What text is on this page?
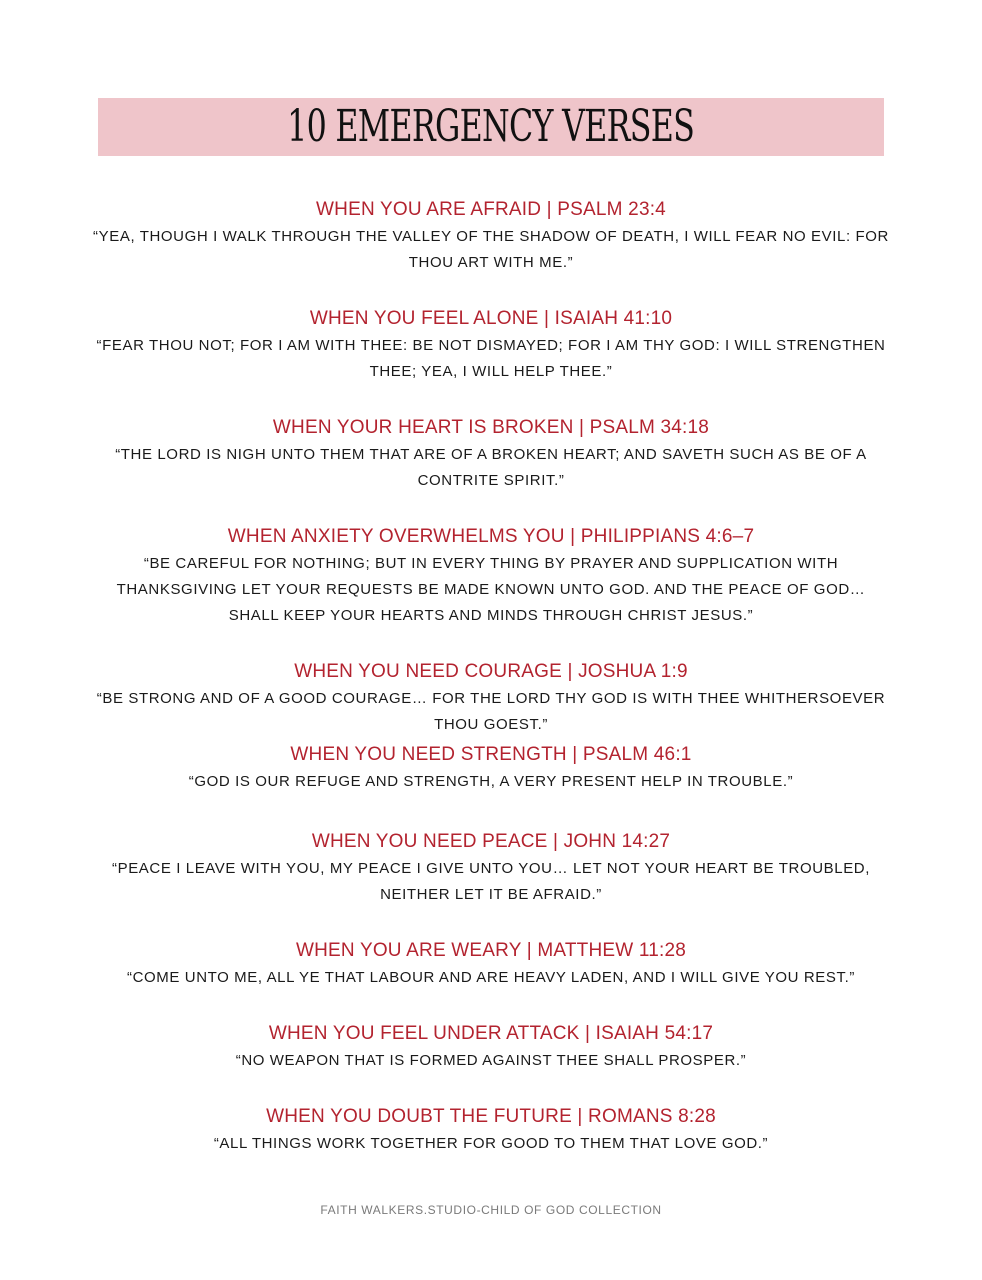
10 EMERGENCY VERSES

WHEN YOU ARE AFRAID | PSALM 23:4

“YEA, THOUGH I WALK THROUGH THE VALLEY OF THE SHADOW OF DEATH, I WILL FEAR NO EVIL: FOR THOU ART WITH ME.”

WHEN YOU FEEL ALONE | ISAIAH 41:10

“FEAR THOU NOT; FOR I AM WITH THEE: BE NOT DISMAYED; FOR I AM THY GOD: I WILL STRENGTHEN THEE; YEA, I WILL HELP THEE.”

WHEN YOUR HEART IS BROKEN | PSALM 34:18

“THE LORD IS NIGH UNTO THEM THAT ARE OF A BROKEN HEART; AND SAVETH SUCH AS BE OF A CONTRITE SPIRIT.”

WHEN ANXIETY OVERWHELMS YOU | PHILIPPIANS 4:6–7

“BE CAREFUL FOR NOTHING; BUT IN EVERY THING BY PRAYER AND SUPPLICATION WITH THANKSGIVING LET YOUR REQUESTS BE MADE KNOWN UNTO GOD. AND THE PEACE OF GOD… SHALL KEEP YOUR HEARTS AND MINDS THROUGH CHRIST JESUS.”

WHEN YOU NEED COURAGE | JOSHUA 1:9

“BE STRONG AND OF A GOOD COURAGE… FOR THE LORD THY GOD IS WITH THEE WHITHERSOEVER THOU GOEST.”

WHEN YOU NEED STRENGTH | PSALM 46:1

“GOD IS OUR REFUGE AND STRENGTH, A VERY PRESENT HELP IN TROUBLE.”

WHEN YOU NEED PEACE | JOHN 14:27

“PEACE I LEAVE WITH YOU, MY PEACE I GIVE UNTO YOU… LET NOT YOUR HEART BE TROUBLED, NEITHER LET IT BE AFRAID.”

WHEN YOU ARE WEARY | MATTHEW 11:28

“COME UNTO ME, ALL YE THAT LABOUR AND ARE HEAVY LADEN, AND I WILL GIVE YOU REST.”

WHEN YOU FEEL UNDER ATTACK | ISAIAH 54:17

“NO WEAPON THAT IS FORMED AGAINST THEE SHALL PROSPER.”

WHEN YOU DOUBT THE FUTURE | ROMANS 8:28

“ALL THINGS WORK TOGETHER FOR GOOD TO THEM THAT LOVE GOD.”

FAITH WALKERS.STUDIO-CHILD OF GOD COLLECTION
